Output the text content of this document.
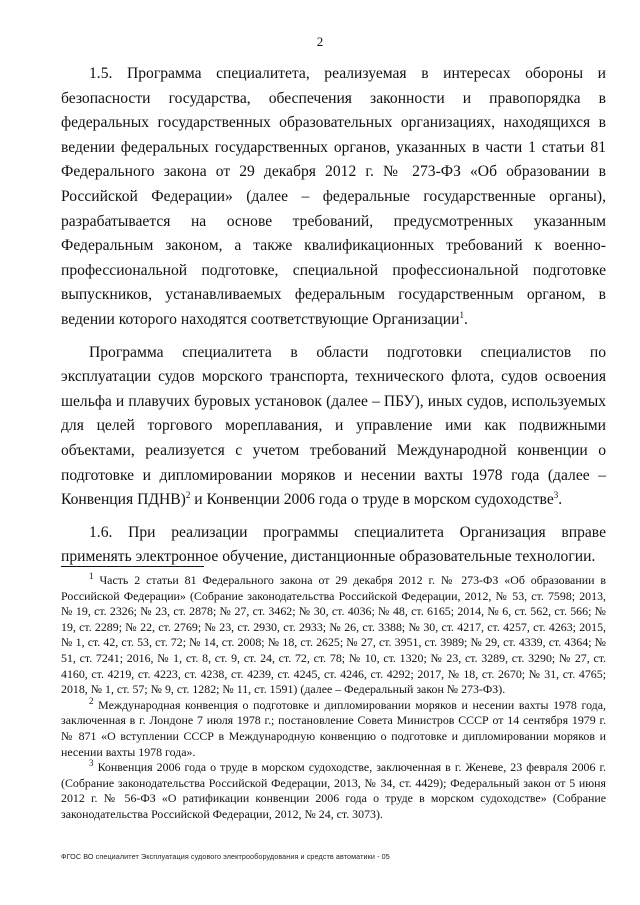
2

1.5. Программа специалитета, реализуемая в интересах обороны и безопасности государства, обеспечения законности и правопорядка в федеральных государственных образовательных организациях, находящихся в ведении федеральных государственных органов, указанных в части 1 статьи 81 Федерального закона от 29 декабря 2012 г. № 273-ФЗ «Об образовании в Российской Федерации» (далее – федеральные государственные органы), разрабатывается на основе требований, предусмотренных указанным Федеральным законом, а также квалификационных требований к военно-профессиональной подготовке, специальной профессиональной подготовке выпускников, устанавливаемых федеральным государственным органом, в ведении которого находятся соответствующие Организации$^1$.

Программа специалитета в области подготовки специалистов по эксплуатации судов морского транспорта, технического флота, судов освоения шельфа и плавучих буровых установок (далее – ПБУ), иных судов, используемых для целей торгового мореплавания, и управление ими как подвижными объектами, реализуется с учетом требований Международной конвенции о подготовке и дипломировании моряков и несении вахты 1978 года (далее – Конвенция ПДНВ)$^2$ и Конвенции 2006 года о труде в морском судоходстве$^3$.

1.6. При реализации программы специалитета Организация вправе применять электронное обучение, дистанционные образовательные технологии.

$^1$ Часть 2 статьи 81 Федерального закона от 29 декабря 2012 г. № 273-ФЗ «Об образовании в Российской Федерации» (Собрание законодательства Российской Федерации, 2012, № 53, ст. 7598; 2013, № 19, ст. 2326; № 23, ст. 2878; № 27, ст. 3462; № 30, ст. 4036; № 48, ст. 6165; 2014, № 6, ст. 562, ст. 566; № 19, ст. 2289; № 22, ст. 2769; № 23, ст. 2930, ст. 2933; № 26, ст. 3388; № 30, ст. 4217, ст. 4257, ст. 4263; 2015, № 1, ст. 42, ст. 53, ст. 72; № 14, ст. 2008; № 18, ст. 2625; № 27, ст. 3951, ст. 3989; № 29, ст. 4339, ст. 4364; № 51, ст. 7241; 2016, № 1, ст. 8, ст. 9, ст. 24, ст. 72, ст. 78; № 10, ст. 1320; № 23, ст. 3289, ст. 3290; № 27, ст. 4160, ст. 4219, ст. 4223, ст. 4238, ст. 4239, ст. 4245, ст. 4246, ст. 4292; 2017, № 18, ст. 2670; № 31, ст. 4765; 2018, № 1, ст. 57; № 9, ст. 1282; № 11, ст. 1591) (далее – Федеральный закон № 273-ФЗ).

$^2$ Международная конвенция о подготовке и дипломировании моряков и несении вахты 1978 года, заключенная в г. Лондоне 7 июля 1978 г.; постановление Совета Министров СССР от 14 сентября 1979 г. № 871 «О вступлении СССР в Международную конвенцию о подготовке и дипломировании моряков и несении вахты 1978 года».

$^3$ Конвенция 2006 года о труде в морском судоходстве, заключенная в г. Женеве, 23 февраля 2006 г. (Собрание законодательства Российской Федерации, 2013, № 34, ст. 4429); Федеральный закон от 5 июня 2012 г. № 56-ФЗ «О ратификации конвенции 2006 года о труде в морском судоходстве» (Собрание законодательства Российской Федерации, 2012, № 24, ст. 3073).

ФГОС ВО специалитет Эксплуатация судового электрооборудования и средств автоматики - 05
